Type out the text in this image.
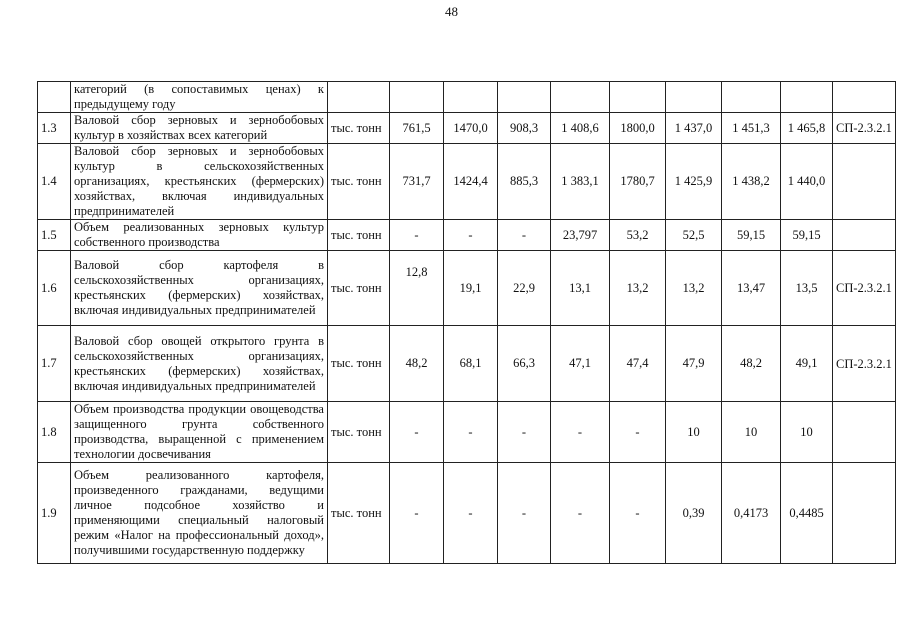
48
	категорий (в сопоставимых ценах) к предыдущему году										
1.3	Валовой сбор зерновых и зернобобовых культур в хозяйствах всех категорий	тыс. тонн	761,5	1470,0	908,3	1 408,6	1800,0	1 437,0	1 451,3	1 465,8	СП-2.3.2.1
1.4	Валовой сбор зерновых и зернобобовых культур в сельскохозяйственных организациях, крестьянских (фермерских) хозяйствах, включая индивидуальных предпринимателей	тыс. тонн	731,7	1424,4	885,3	1 383,1	1780,7	1 425,9	1 438,2	1 440,0	
1.5	Объем реализованных зерновых культур собственного производства	тыс. тонн	-	-	-	23,797	53,2	52,5	59,15	59,15	
1.6	Валовой сбор картофеля в сельскохозяйственных организациях, крестьянских (фермерских) хозяйствах, включая индивидуальных предпринимателей	тыс. тонн	12,8	19,1	22,9	13,1	13,2	13,2	13,47	13,5	СП-2.3.2.1
1.7	Валовой сбор овощей открытого грунта в сельскохозяйственных организациях, крестьянских (фермерских) хозяйствах, включая индивидуальных предпринимателей	тыс. тонн	48,2	68,1	66,3	47,1	47,4	47,9	48,2	49,1	СП-2.3.2.1
1.8	Объем производства продукции овощеводства защищенного грунта собственного производства, выращенной с применением технологии досвечивания	тыс. тонн	-	-	-	-	-	10	10	10	
1.9	Объем реализованного картофеля, произведенного гражданами, ведущими личное подсобное хозяйство и применяющими специальный налоговый режим «Налог на профессиональный доход», получившими государственную поддержку	тыс. тонн	-	-	-	-	-	0,39	0,4173	0,4485	
